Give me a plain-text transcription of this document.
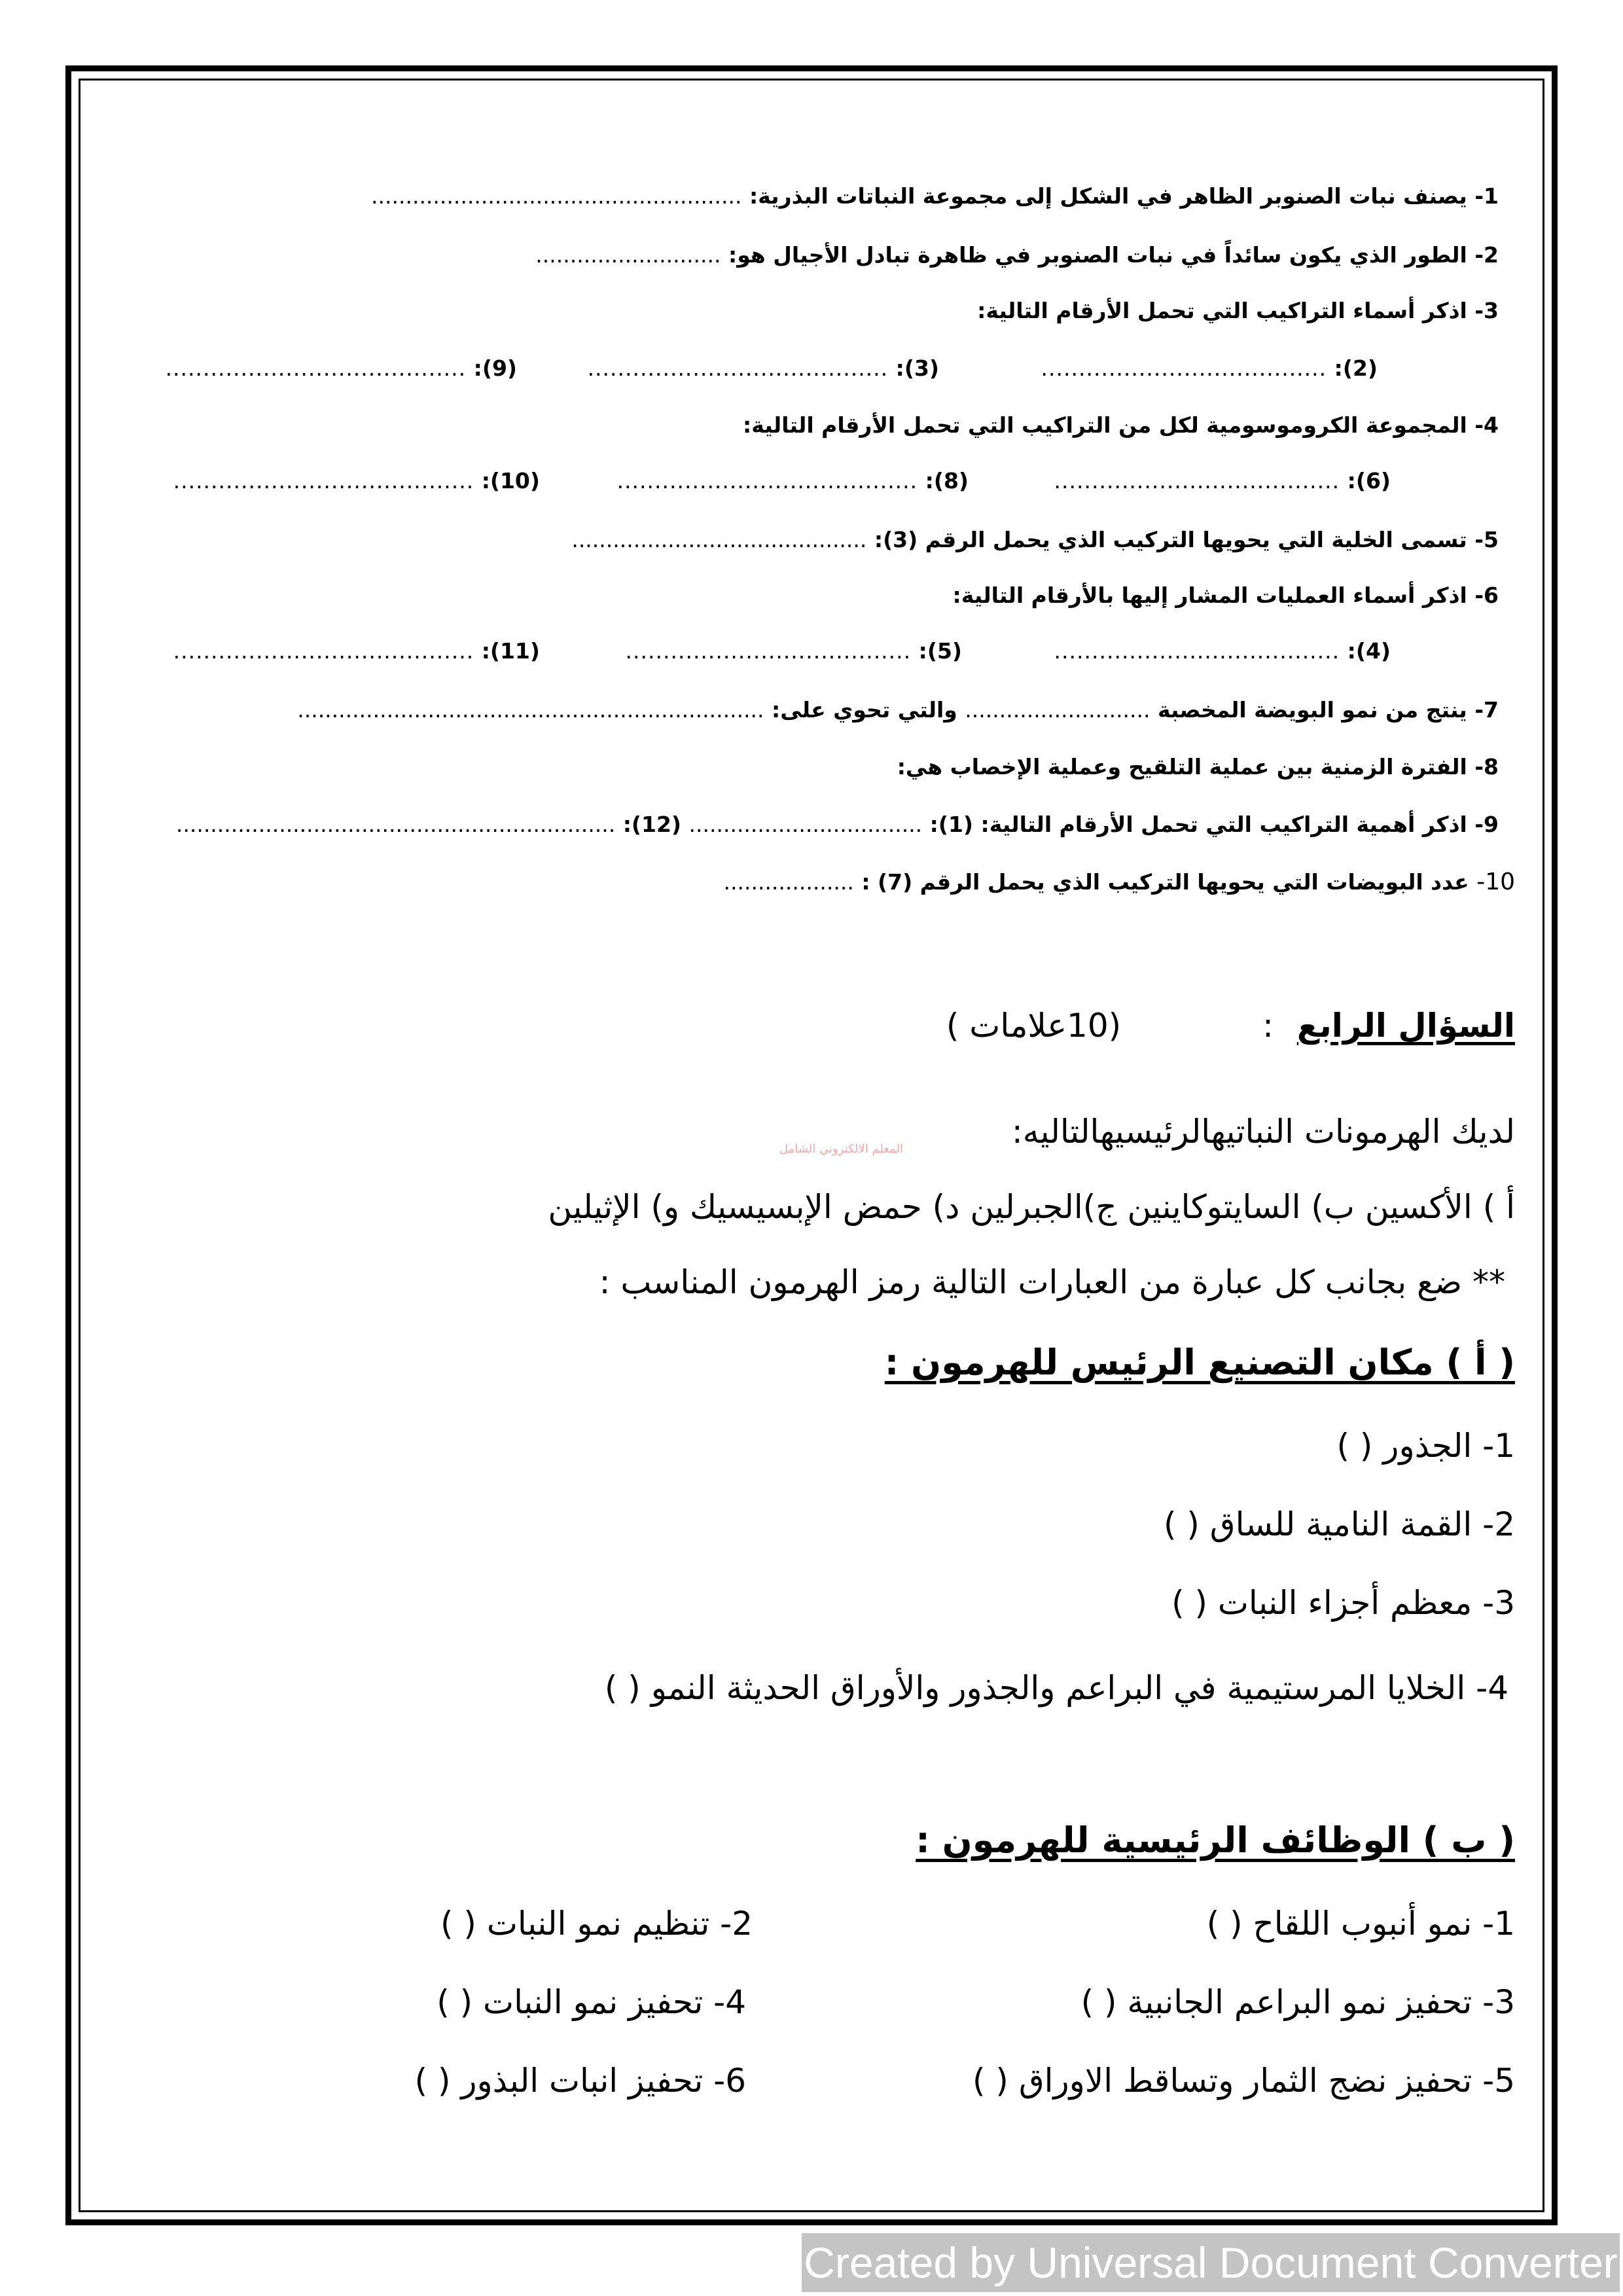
1- يصنف نبات الصنوبر الظاهر في الشكل إلى مجموعة النباتات البذرية: ......................................................

2- الطور الذي يكون سائداً في نبات الصنوبر في ظاهرة تبادل الأجيال هو: ...........................

3- اذكر أسماء التراكيب التي تحمل الأرقام التالية:

(2): ......................................

(3): ........................................

(9): ........................................

4- المجموعة الكروموسومية لكل من التراكيب التي تحمل الأرقام التالية:

(6): ......................................

(8): ........................................

(10): ........................................

5- تسمى الخلية التي يحويها التركيب الذي يحمل الرقم (3): ...........................................

6- اذكر أسماء العمليات المشار إليها بالأرقام التالية:

(4): ......................................

(5): ......................................

(11): ........................................

7- ينتج من نمو البويضة المخصبة ........................... والتي تحوي على: ....................................................................

8- الفترة الزمنية بين عملية التلقيح وعملية الإخصاب هي:

9- اذكر أهمية التراكيب التي تحمل الأرقام التالية: (1): .................................. (12): ................................................................

10- عدد البويضات التي يحويها التركيب الذي يحمل الرقم (7) : ...................

السؤال الرابع : (10علامات )

لديك الهرمونات النباتيهالرئيسيهالتاليه:

المعلم الالكتروني الشامل

أ ) الأكسين ب) السايتوكاينين ج)الجبرلين د) حمض الإبسيسيك و) الإثيلين

** ضع بجانب كل عبارة من العبارات التالية رمز الهرمون المناسب :

( أ ) مكان التصنيع الرئيس للهرمون :

1- الجذور ( )

2- القمة النامية للساق ( )

3- معظم أجزاء النبات ( )

4- الخلايا المرستيمية في البراعم والجذور والأوراق الحديثة النمو ( )

( ب ) الوظائف الرئيسية للهرمون :

1- نمو أنبوب اللقاح ( )

2- تنظيم نمو النبات ( )

3- تحفيز نمو البراعم الجانبية ( )

4- تحفيز نمو النبات ( )

5- تحفيز نضج الثمار وتساقط الاوراق ( )

6- تحفيز انبات البذور ( )

Created by Universal Document Converter
